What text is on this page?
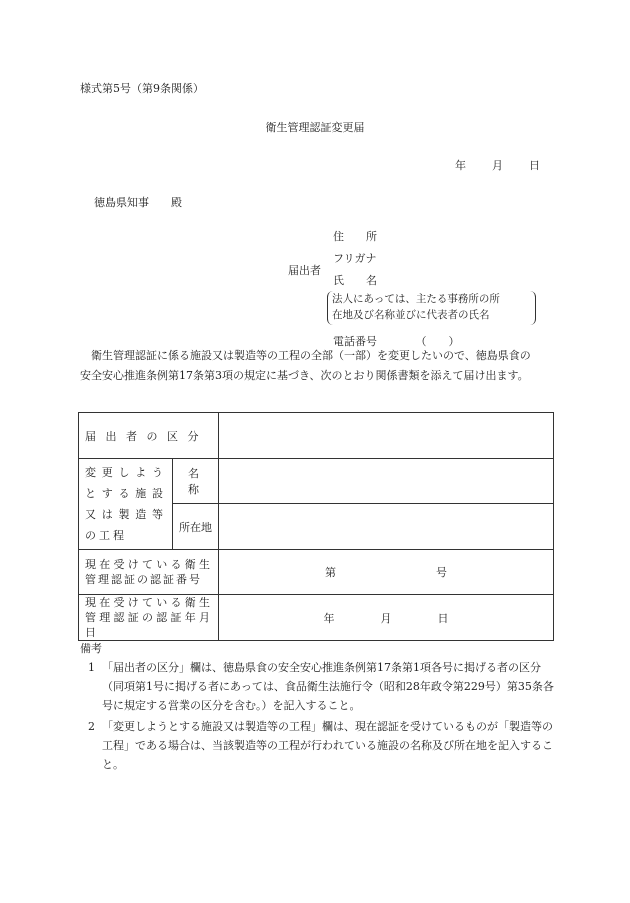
様式第5号（第9条関係）
衛生管理認証変更届
年 月 日
徳島県知事　　殿
届出者
住　　所
フリガナ
氏　　名
法人にあっては、主たる事務所の所
在地及び名称並びに代表者の氏名
電話番号　　　　（　　）

衛生管理認証に係る施設又は製造等の工程の全部（一部）を変更したいので、徳島県食の

安全安心推進条例第17条第3項の規定に基づき、次のとおり関係書類を添えて届け出ます。

届 出 者 の 区 分		
変更しようとする施設又は製造等の工程	名　称	
	所在地	
現在受けている衛生管理認証の認証番号		第 号
現在受けている衛生管理認証の認証年月日		年 月 日
備考
1 「届出者の区分」欄は、徳島県食の安全安心推進条例第17条第1項各号に掲げる者の区分（同項第1号に掲げる者にあっては、食品衛生法施行令（昭和28年政令第229号）第35条各号に規定する営業の区分を含む。）を記入すること。
2 「変更しようとする施設又は製造等の工程」欄は、現在認証を受けているものが「製造等の工程」である場合は、当該製造等の工程が行われている施設の名称及び所在地を記入すること。
